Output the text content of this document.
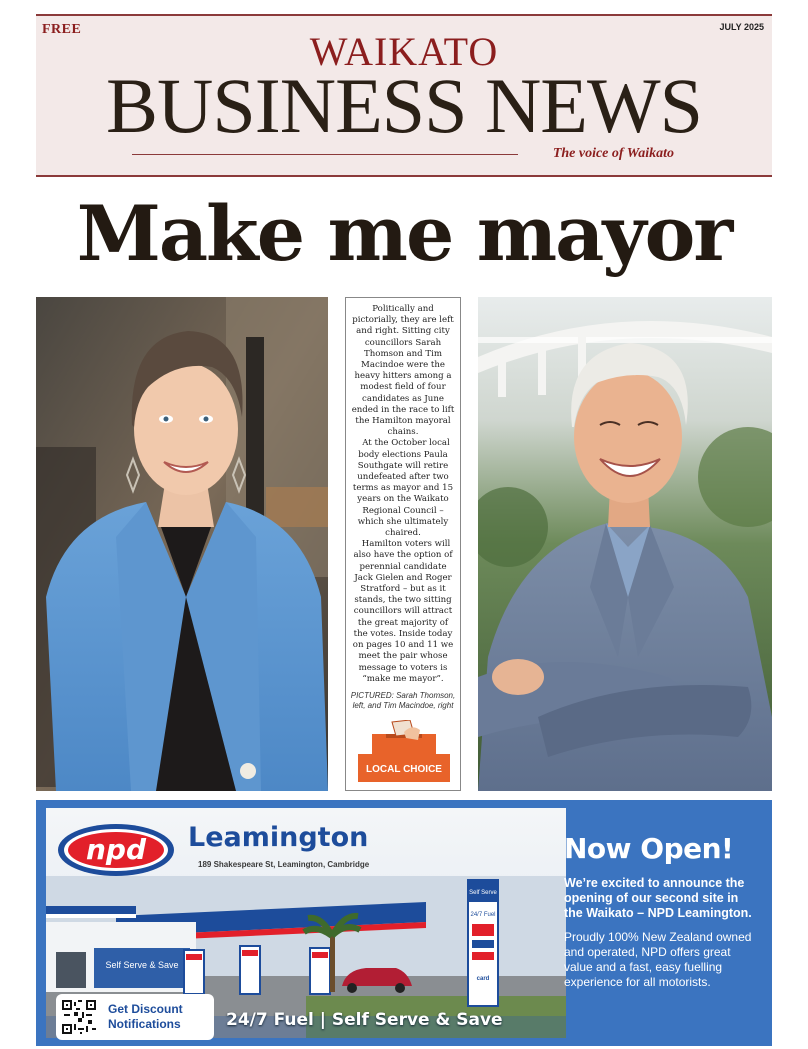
FREE	JULY 2025
WAIKATO
BUSINESS NEWS
The voice of Waikato
Make me mayor

Politically and pictorially, they are left and right. Sitting city councillors Sarah Thomson and Tim Macindoe were the heavy hitters among a modest field of four candidates as June ended in the race to lift the Hamilton mayoral chains.

At the October local body elections Paula Southgate will retire undefeated after two terms as mayor and 15 years on the Waikato Regional Council – which she ultimately chaired.

Hamilton voters will also have the option of perennial candidate Jack Gielen and Roger Stratford – but as it stands, the two sitting councillors will attract the great majority of the votes. Inside today on pages 10 and 11 we meet the pair whose message to voters is “make me mayor”.

PICTURED: Sarah Thomson, left, and Tim Macindoe, right
LOCAL CHOICE
npd Leamington
189 Shakespeare St, Leamington, Cambridge
Self Serve & Save
Self Serve
24/7 Fuel
card
Get Discount Notifications	24/7 Fuel | Self Serve & Save
Now Open!
We’re excited to announce the opening of our second site in the Waikato – NPD Leamington.
Proudly 100% New Zealand owned and operated, NPD offers great value and a fast, easy fuelling experience for all motorists.
